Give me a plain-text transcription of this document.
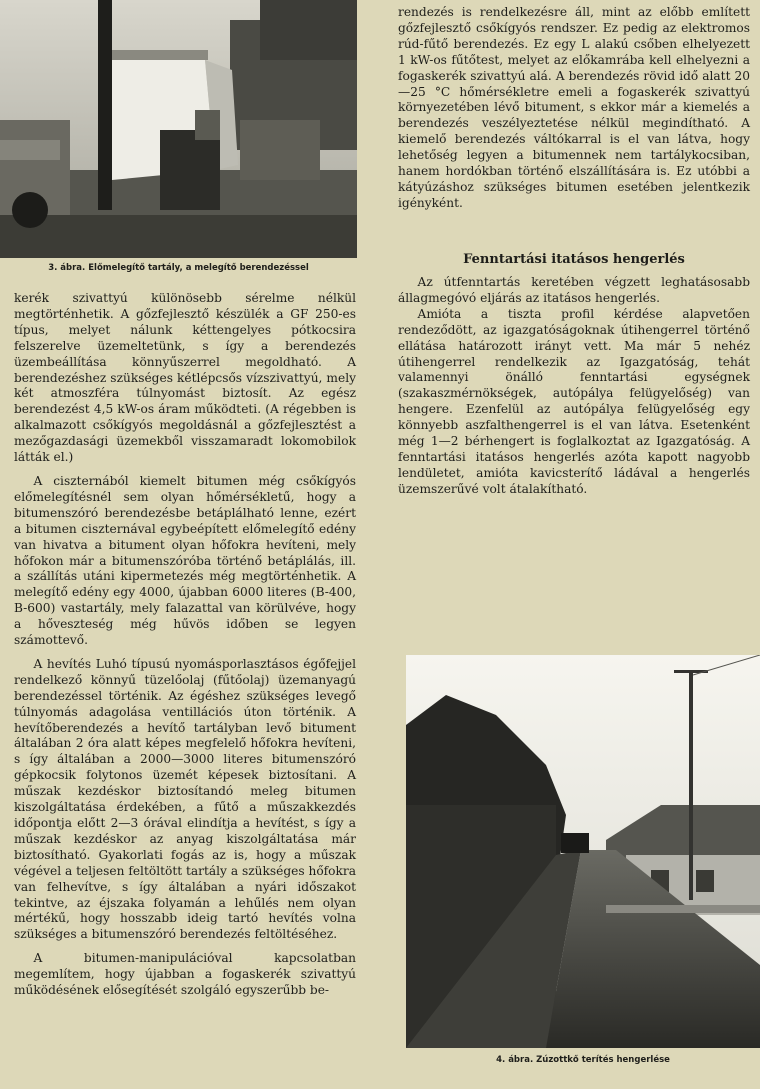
3. ábra. Előmelegítő tartály, a melegítő berendezéssel

kerék szivattyú különösebb sérelme nélkül megtörténhetik. A gőzfejlesztő készülék a GF 250-es típus, melyet nálunk kéttengelyes pótkocsira felszerelve üzemeltetünk, s így a berendezés üzembeállítása könnyűszerrel megoldható. A berendezéshez szükséges kétlépcsős vízszivattyú, mely két atmoszféra túlnyomást biztosít. Az egész berendezést 4,5 kW-os áram működteti. (A régebben is alkalmazott csőkígyós megoldásnál a gőzfejlesztést a mezőgazdasági üzemekből visszamaradt lokomobilok látták el.)

A ciszternából kiemelt bitumen még csőkígyós előmelegítésnél sem olyan hőmérsékletű, hogy a bitumenszóró berendezésbe betáplálható lenne, ezért a bitumen ciszternával egybeépített előmelegítő edény van hivatva a bitument olyan hőfokra hevíteni, mely hőfokon már a bitumenszóróba történő betáplálás, ill. a szállítás utáni kipermetezés még megtörténhetik. A melegítő edény egy 4000, újabban 6000 literes (B-400, B-600) vastartály, mely falazattal van körülvéve, hogy a hőveszteség még hűvös időben se legyen számottevő.

A hevítés Luhó típusú nyomásporlasztásos égőfejjel rendelkező könnyű tüzelőolaj (fűtőolaj) üzemanyagú berendezéssel történik. Az égéshez szükséges levegő túlnyomás adagolása ventillációs úton történik. A hevítőberendezés a hevítő tartályban levő bitument általában 2 óra alatt képes megfelelő hőfokra hevíteni, s így általában a 2000—3000 literes bitumenszóró gépkocsik folytonos üzemét képesek biztosítani. A műszak kezdéskor biztosítandó meleg bitumen kiszolgáltatása érdekében, a fűtő a műszakkezdés időpontja előtt 2—3 órával elindítja a hevítést, s így a műszak kezdéskor az anyag kiszolgáltatása már biztosítható. Gyakorlati fogás az is, hogy a műszak végével a teljesen feltöltött tartály a szükséges hőfokra van felhevítve, s így általában a nyári időszakot tekintve, az éjszaka folyamán a lehűlés nem olyan mértékű, hogy hosszabb ideig tartó hevítés volna szükséges a bitumenszóró berendezés feltöltéséhez.

A bitumen-manipulációval kapcsolatban megemlítem, hogy újabban a fogaskerék szivattyú működésének elősegítését szolgáló egyszerűbb be-

rendezés is rendelkezésre áll, mint az előbb említett gőzfejlesztő csőkígyós rendszer. Ez pedig az elektromos rúd-fűtő berendezés. Ez egy L alakú csőben elhelyezett 1 kW-os fűtőtest, melyet az előkamrába kell elhelyezni a fogaskerék szivattyú alá. A berendezés rövid idő alatt 20—25 °C hőmérsékletre emeli a fogaskerék szivattyú környezetében lévő bitument, s ekkor már a kiemelés a berendezés veszélyeztetése nélkül megindítható. A kiemelő berendezés váltókarral is el van látva, hogy lehetőség legyen a bitumennek nem tartálykocsiban, hanem hordókban történő elszállítására is. Ez utóbbi a kátyúzáshoz szükséges bitumen esetében jelentkezik igényként.

Fenntartási itatásos hengerlés

Az útfenntartás keretében végzett leghatásosabb állagmegóvó eljárás az itatásos hengerlés.

Amióta a tiszta profil kérdése alapvetően rendeződött, az igazgatóságoknak útihengerrel történő ellátása határozott irányt vett. Ma már 5 nehéz útihengerrel rendelkezik az Igazgatóság, tehát valamennyi önálló fenntartási egységnek (szakaszmérnökségek, autópálya felügyelőség) van hengere. Ezenfelül az autópálya felügyelőség egy könnyebb aszfalthengerrel is el van látva. Esetenként még 1—2 bérhengert is foglalkoztat az Igazgatóság. A fenntartási itatásos hengerlés azóta kapott nagyobb lendületet, amióta kavicsterítő ládával a hengerlés üzemszerűvé volt átalakítható.

4. ábra. Zúzottkő terítés hengerlése
